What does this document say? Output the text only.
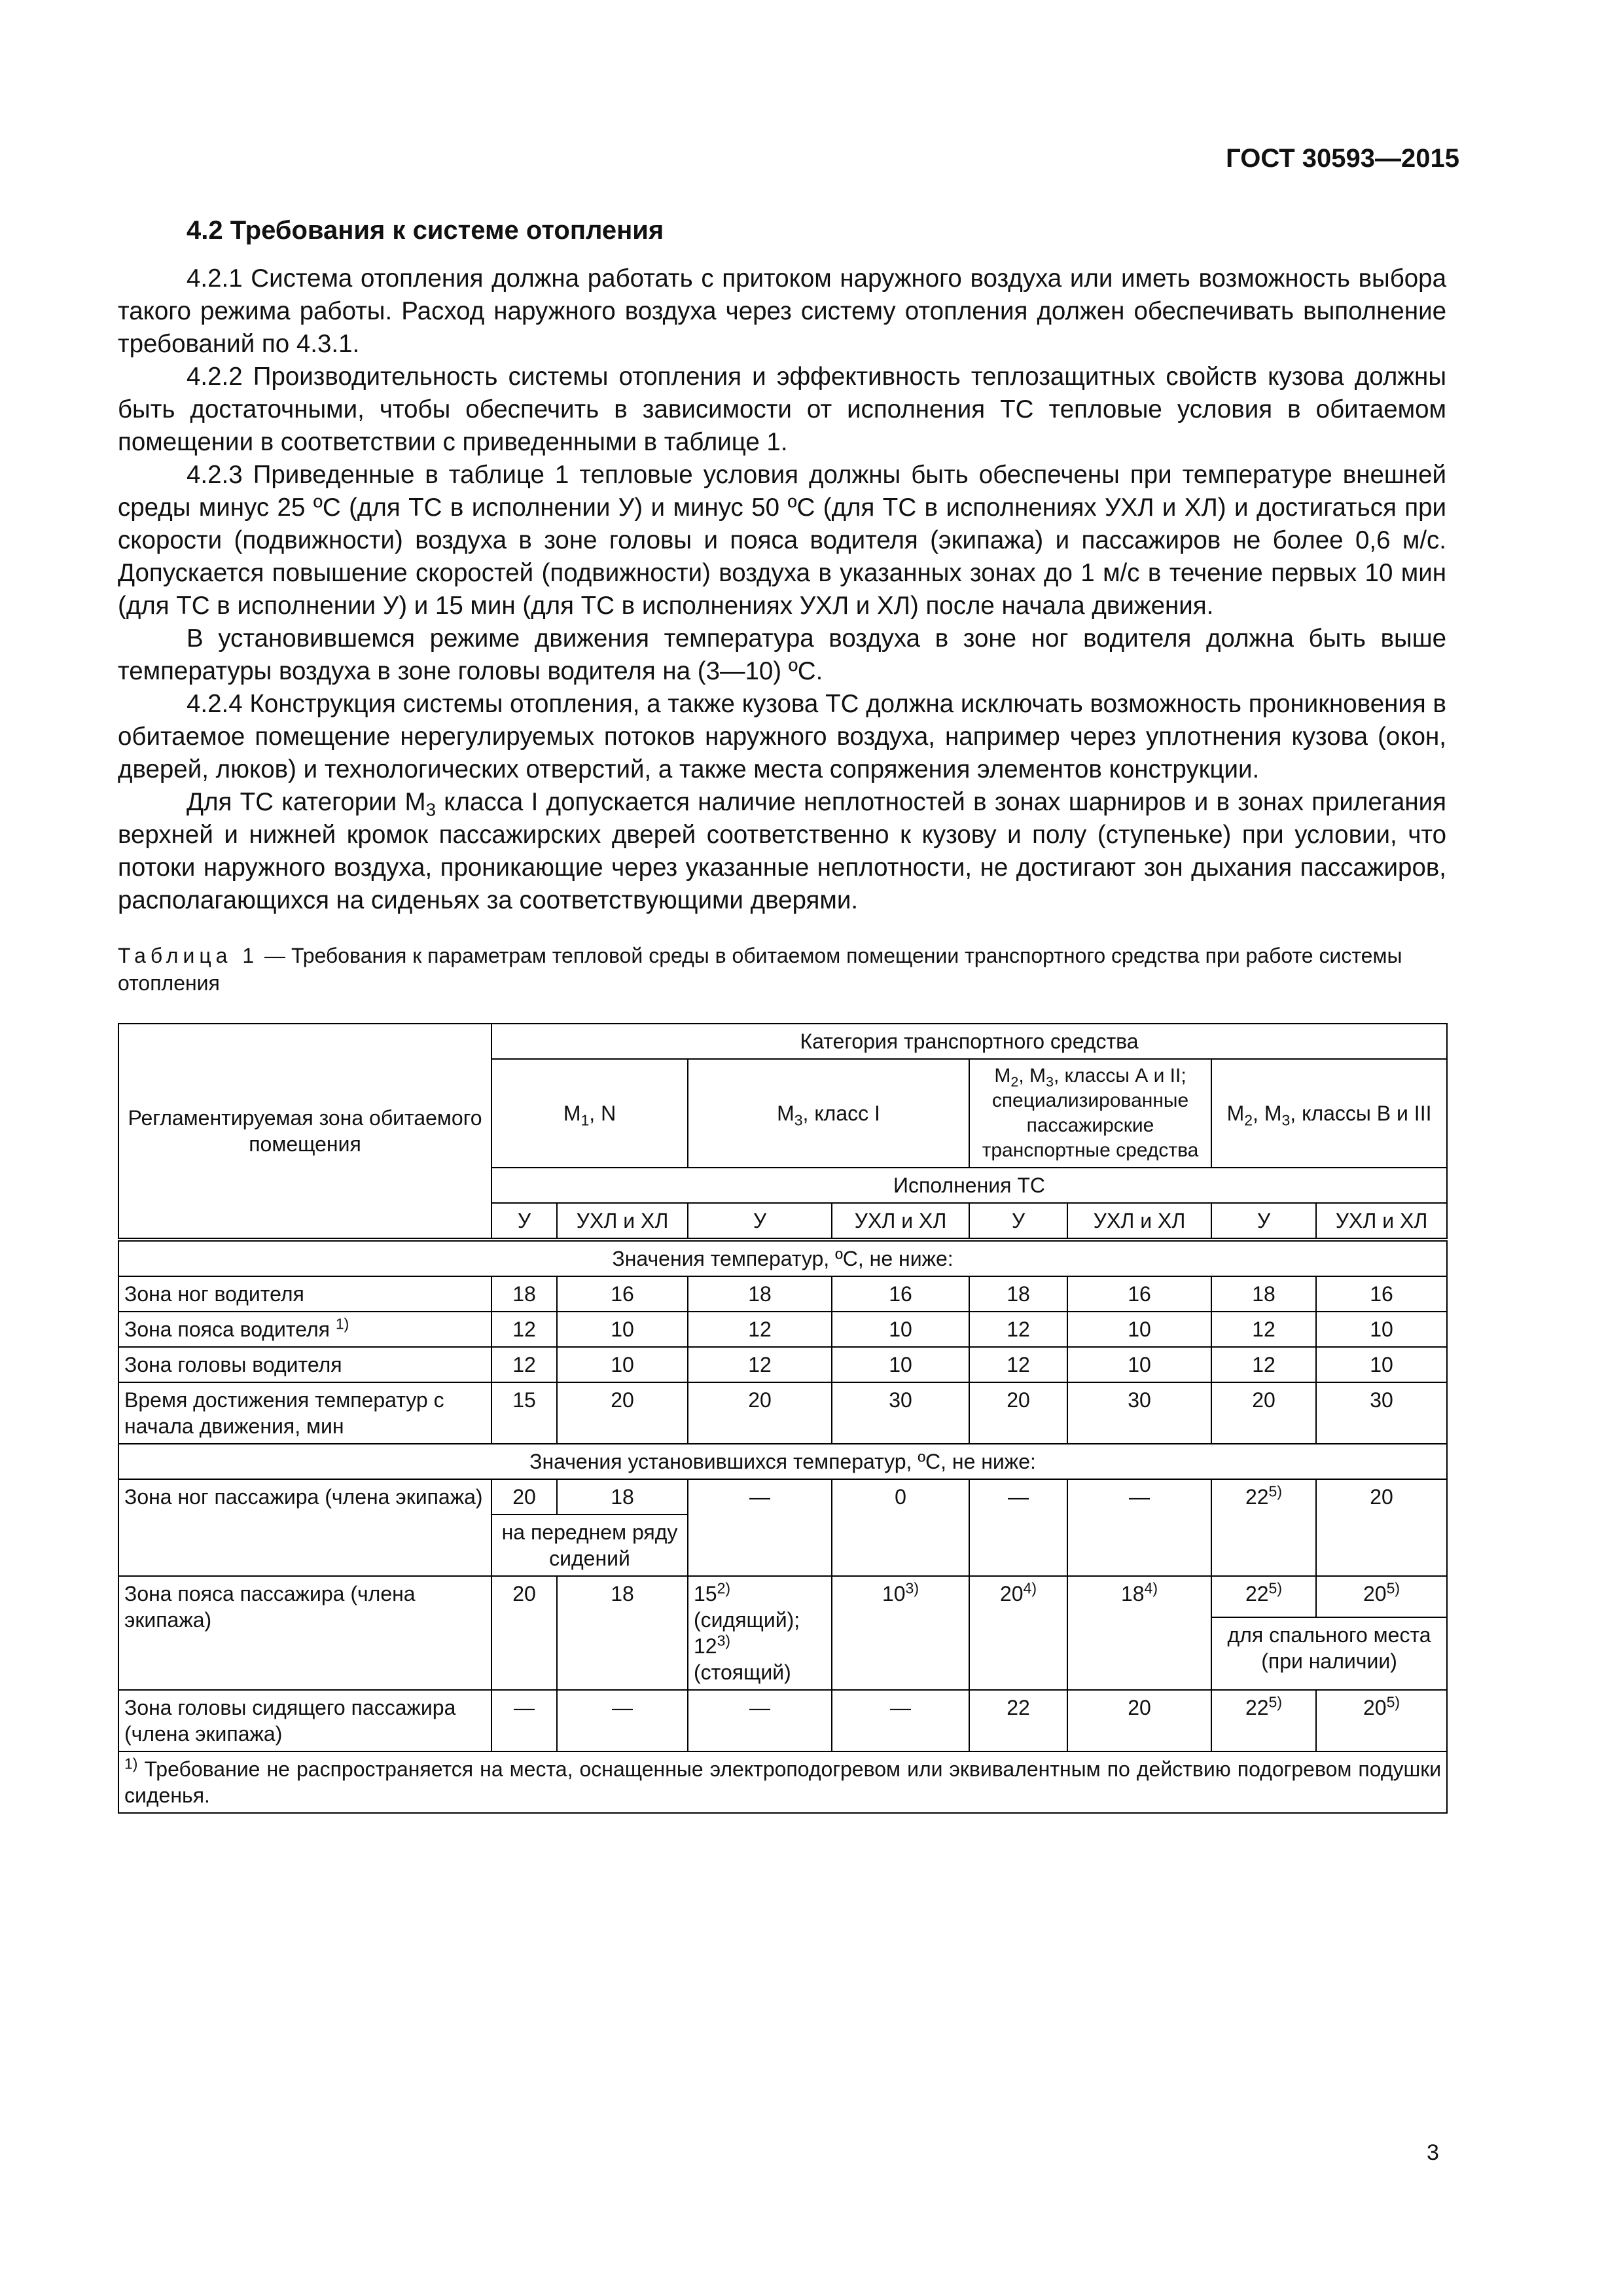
ГОСТ 30593—2015
4.2 Требования к системе отопления

4.2.1 Система отопления должна работать с притоком наружного воздуха или иметь возможность выбора такого режима работы. Расход наружного воздуха через систему отопления должен обеспечивать выполнение требований по 4.3.1.

4.2.2 Производительность системы отопления и эффективность теплозащитных свойств кузова должны быть достаточными, чтобы обеспечить в зависимости от исполнения ТС тепловые условия в обитаемом помещении в соответствии с приведенными в таблице 1.

4.2.3 Приведенные в таблице 1 тепловые условия должны быть обеспечены при температуре внешней среды минус 25 ºС (для ТС в исполнении У) и минус 50 ºС (для ТС в исполнениях УХЛ и ХЛ) и достигаться при скорости (подвижности) воздуха в зоне головы и пояса водителя (экипажа) и пассажиров не более 0,6 м/с. Допускается повышение скоростей (подвижности) воздуха в указанных зонах до 1 м/с в течение первых 10 мин (для ТС в исполнении У) и 15 мин (для ТС в исполнениях УХЛ и ХЛ) после начала движения.

В установившемся режиме движения температура воздуха в зоне ног водителя должна быть выше температуры воздуха в зоне головы водителя на (3—10) ºС.

4.2.4 Конструкция системы отопления, а также кузова ТС должна исключать возможность проникновения в обитаемое помещение нерегулируемых потоков наружного воздуха, например через уплотнения кузова (окон, дверей, люков) и технологических отверстий, а также места сопряжения элементов конструкции.

Для ТС категории $М_3$ класса I допускается наличие неплотностей в зонах шарниров и в зонах прилегания верхней и нижней кромок пассажирских дверей соответственно к кузову и полу (ступеньке) при условии, что потоки наружного воздуха, проникающие через указанные неплотности, не достигают зон дыхания пассажиров, располагающихся на сиденьях за соответствующими дверями.

Таблица 1 — Требования к параметрам тепловой среды в обитаемом помещении транспортного средства при работе системы отопления
Регламентируемая зона обитаемого помещения	Категория транспортного средства							
	$М_1$, N		$М_3$, класс I		$М_2$, $М_3$, классы А и II; специализированные пассажирские транспортные средства		$М_2$, $М_3$, классы В и III	
	Исполнения ТС							
	У	УХЛ и ХЛ	У	УХЛ и ХЛ	У	УХЛ и ХЛ	У	УХЛ и ХЛ
Значения температур, ºС, не ниже:								
Зона ног водителя	18	16	18	16	18	16	18	16
Зона пояса водителя $^{1)}$	12	10	12	10	12	10	12	10
Зона головы водителя	12	10	12	10	12	10	12	10
Время достижения температур с начала движения, мин	15	20	20	30	20	30	20	30
Значения установившихся температур, ºС, не ниже:								
Зона ног пассажира (члена экипажа)	20	18	—	0	—	—	22$^{5)}$	20
	на переднем ряду сидений							
Зона пояса пассажира (члена экипажа)	20	18	15$^{2)}$ (сидящий); 12$^{3)}$ (стоящий)	10$^{3)}$	20$^{4)}$	18$^{4)}$	22$^{5)}$	20$^{5)}$
							для спального места (при наличии)	
Зона головы сидящего пассажира (члена экипажа)	—	—	—	—	22	20	22$^{5)}$	20$^{5)}$
$^{1)}$ Требование не распространяется на места, оснащенные электроподогревом или эквивалентным по действию подогревом подушки сиденья.								
3
